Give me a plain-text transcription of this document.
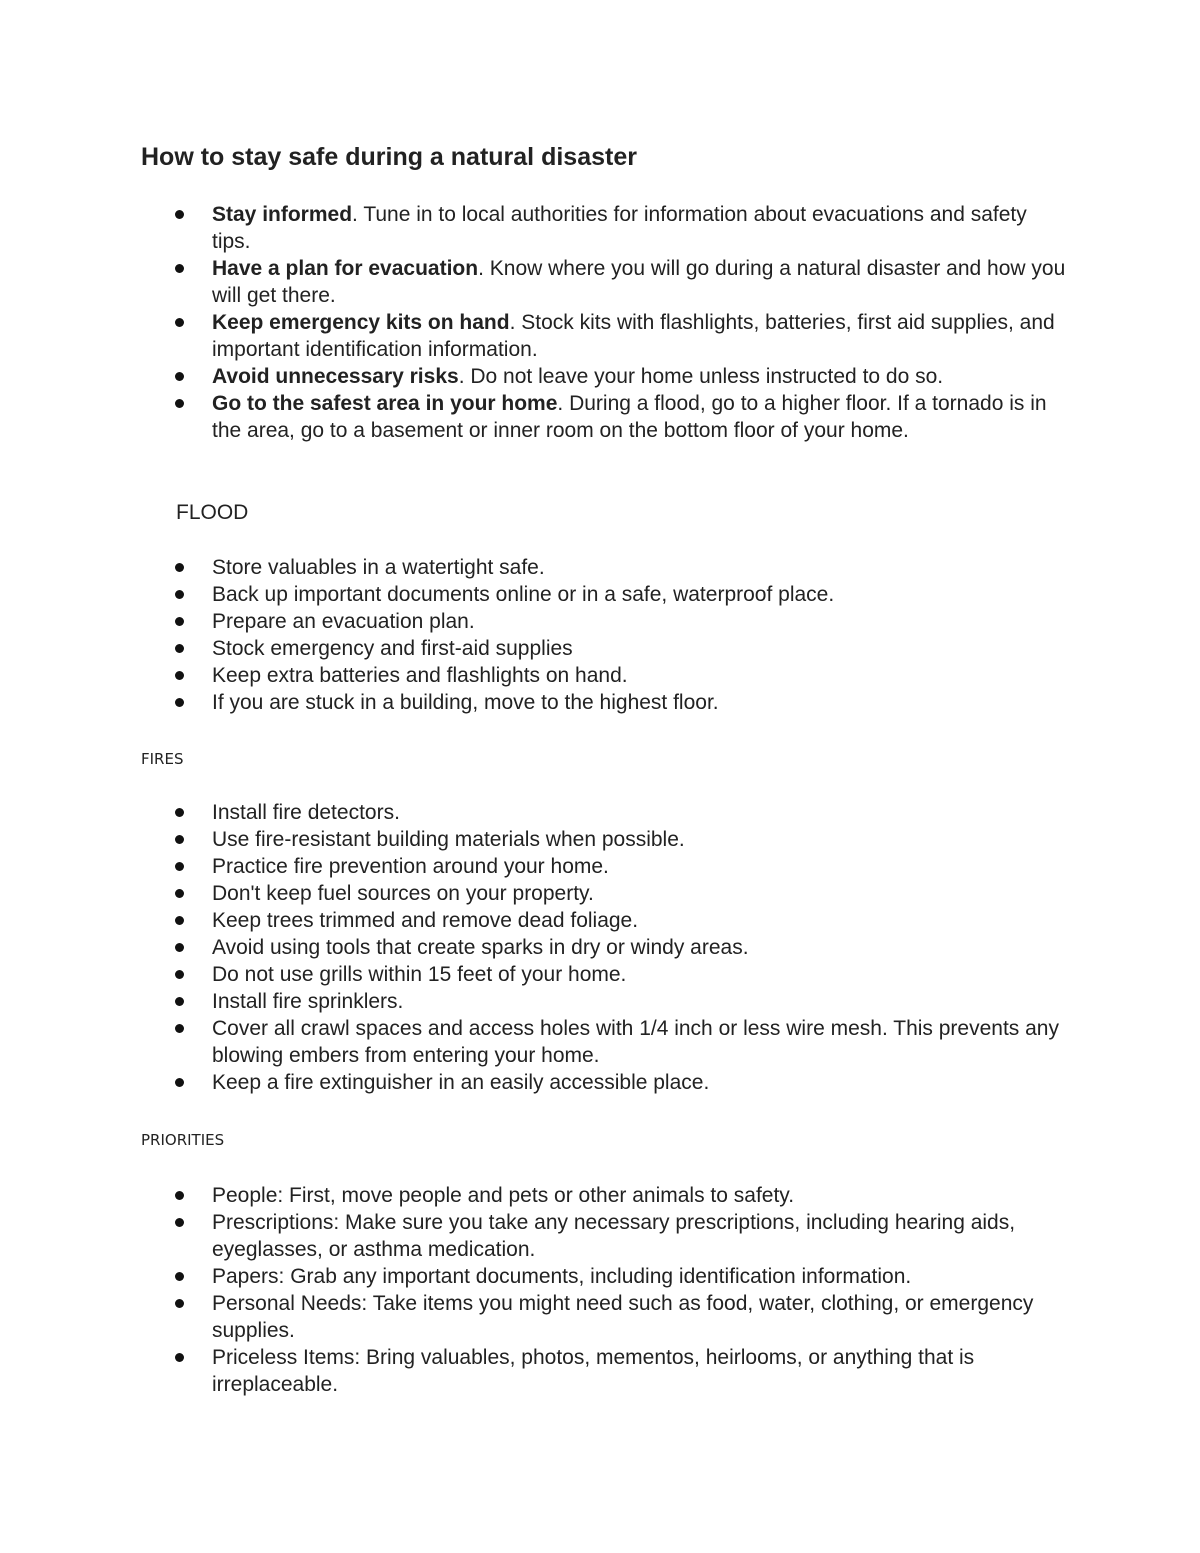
How to stay safe during a natural disaster
Stay informed. Tune in to local authorities for information about evacuations and safety tips.
Have a plan for evacuation. Know where you will go during a natural disaster and how you will get there.
Keep emergency kits on hand. Stock kits with flashlights, batteries, first aid supplies, and important identification information.
Avoid unnecessary risks. Do not leave your home unless instructed to do so.
Go to the safest area in your home. During a flood, go to a higher floor. If a tornado is in the area, go to a basement or inner room on the bottom floor of your home.
FLOOD
Store valuables in a watertight safe.
Back up important documents online or in a safe, waterproof place.
Prepare an evacuation plan.
Stock emergency and first-aid supplies
Keep extra batteries and flashlights on hand.
If you are stuck in a building, move to the highest floor.
FIRES
Install fire detectors.
Use fire-resistant building materials when possible.
Practice fire prevention around your home.
Don't keep fuel sources on your property.
Keep trees trimmed and remove dead foliage.
Avoid using tools that create sparks in dry or windy areas.
Do not use grills within 15 feet of your home.
Install fire sprinklers.
Cover all crawl spaces and access holes with 1/4 inch or less wire mesh. This prevents any blowing embers from entering your home.
Keep a fire extinguisher in an easily accessible place.
PRIORITIES
People: First, move people and pets or other animals to safety.
Prescriptions: Make sure you take any necessary prescriptions, including hearing aids, eyeglasses, or asthma medication.
Papers: Grab any important documents, including identification information.
Personal Needs: Take items you might need such as food, water, clothing, or emergency supplies.
Priceless Items: Bring valuables, photos, mementos, heirlooms, or anything that is irreplaceable.
